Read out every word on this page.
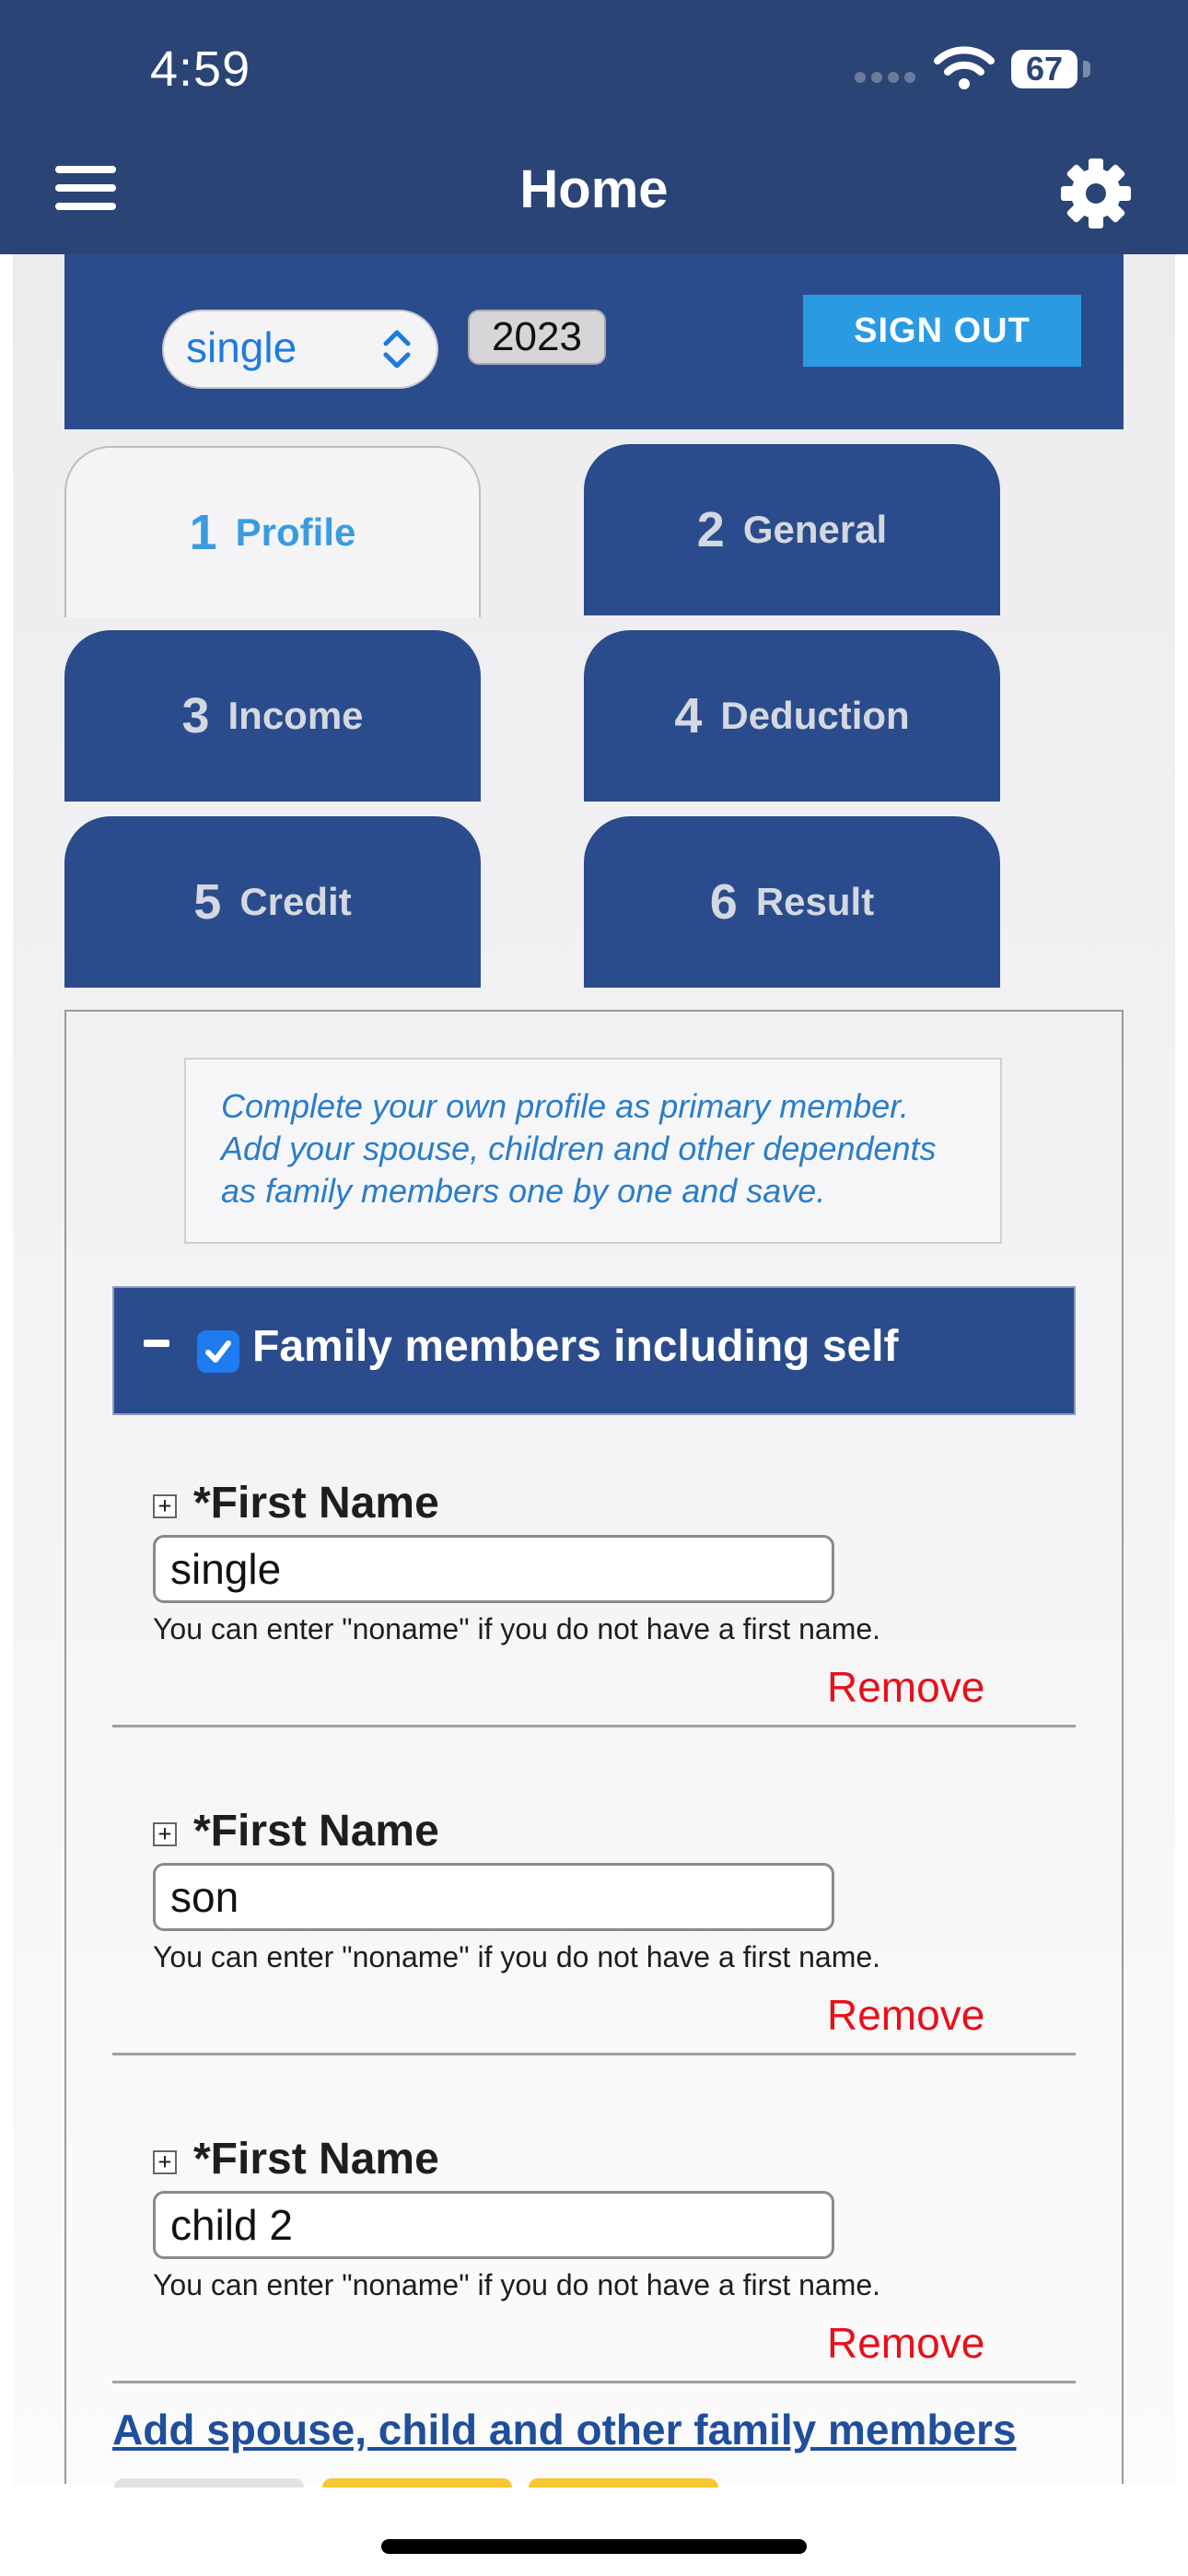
4:59	67
Home
single	2023	SIGN OUT
1 Profile	2 General
3 Income	4 Deduction
5 Credit	6 Result
Complete your own profile as primary member. Add your spouse, children and other dependents as family members one by one and save.
Family members including self
+ *First Name
single
You can enter "noname" if you do not have a first name.
Remove
+ *First Name
son
You can enter "noname" if you do not have a first name.
Remove
+ *First Name
child 2
You can enter "noname" if you do not have a first name.
Remove
Add spouse, child and other family members
